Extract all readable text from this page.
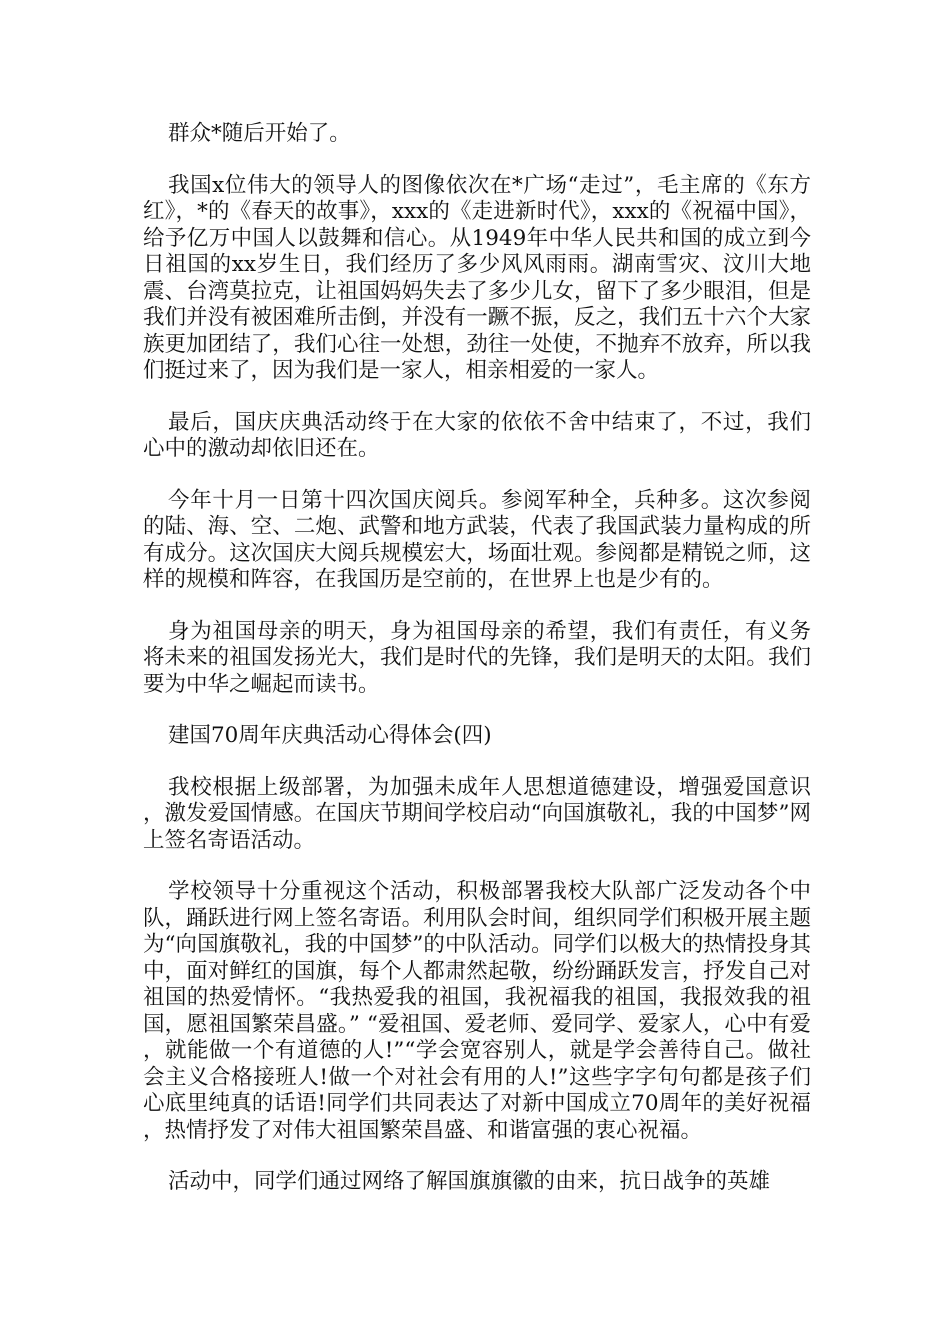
群众*随后开始了。

我国x位伟大的领导人的图像依次在*广场“走过”，毛主席的《东方红》，*的《春天的故事》，xxx的《走进新时代》，xxx的《祝福中国》，给予亿万中国人以鼓舞和信心。从1949年中华人民共和国的成立到今日祖国的xx岁生日，我们经历了多少风风雨雨。湖南雪灾、汶川大地震、台湾莫拉克，让祖国妈妈失去了多少儿女，留下了多少眼泪，但是我们并没有被困难所击倒，并没有一蹶不振，反之，我们五十六个大家族更加团结了，我们心往一处想，劲往一处使，不抛弃不放弃，所以我们挺过来了，因为我们是一家人，相亲相爱的一家人。

最后，国庆庆典活动终于在大家的依依不舍中结束了，不过，我们心中的激动却依旧还在。

今年十月一日第十四次国庆阅兵。参阅军种全，兵种多。这次参阅的陆、海、空、二炮、武警和地方武装，代表了我国武装力量构成的所有成分。这次国庆大阅兵规模宏大，场面壮观。参阅都是精锐之师，这样的规模和阵容，在我国历是空前的，在世界上也是少有的。

身为祖国母亲的明天，身为祖国母亲的希望，我们有责任，有义务将未来的祖国发扬光大，我们是时代的先锋，我们是明天的太阳。我们要为中华之崛起而读书。

建国70周年庆典活动心得体会(四)

我校根据上级部署，为加强未成年人思想道德建设，增强爱国意识，激发爱国情感。在国庆节期间学校启动“向国旗敬礼，我的中国梦”网上签名寄语活动。

学校领导十分重视这个活动，积极部署我校大队部广泛发动各个中队，踊跃进行网上签名寄语。利用队会时间，组织同学们积极开展主题为“向国旗敬礼，我的中国梦”的中队活动。同学们以极大的热情投身其中，面对鲜红的国旗，每个人都肃然起敬，纷纷踊跃发言，抒发自己对祖国的热爱情怀。“我热爱我的祖国，我祝福我的祖国，我报效我的祖国，愿祖国繁荣昌盛。” “爱祖国、爱老师、爱同学、爱家人，心中有爱，就能做一个有道德的人!”“学会宽容别人，就是学会善待自己。做社会主义合格接班人!做一个对社会有用的人!”这些字字句句都是孩子们心底里纯真的话语!同学们共同表达了对新中国成立70周年的美好祝福，热情抒发了对伟大祖国繁荣昌盛、和谐富强的衷心祝福。

活动中，同学们通过网络了解国旗旗徽的由来，抗日战争的英雄
